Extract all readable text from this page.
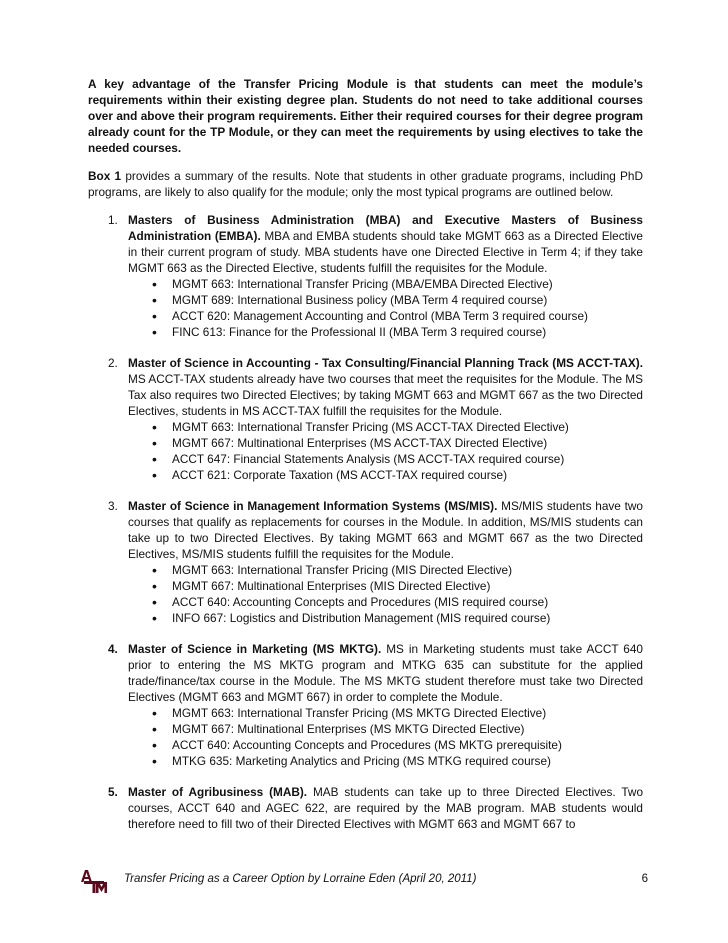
A key advantage of the Transfer Pricing Module is that students can meet the module’s requirements within their existing degree plan. Students do not need to take additional courses over and above their program requirements. Either their required courses for their degree program already count for the TP Module, or they can meet the requirements by using electives to take the needed courses.

Box 1 provides a summary of the results. Note that students in other graduate programs, including PhD programs, are likely to also qualify for the module; only the most typical programs are outlined below.

1. Masters of Business Administration (MBA) and Executive Masters of Business Administration (EMBA). MBA and EMBA students should take MGMT 663 as a Directed Elective in their current program of study. MBA students have one Directed Elective in Term 4; if they take MGMT 663 as the Directed Elective, students fulfill the requisites for the Module.
• MGMT 663: International Transfer Pricing (MBA/EMBA Directed Elective)
• MGMT 689: International Business policy (MBA Term 4 required course)
• ACCT 620: Management Accounting and Control (MBA Term 3 required course)
• FINC 613: Finance for the Professional II (MBA Term 3 required course)
2. Master of Science in Accounting - Tax Consulting/Financial Planning Track (MS ACCT-TAX). MS ACCT-TAX students already have two courses that meet the requisites for the Module. The MS Tax also requires two Directed Electives; by taking MGMT 663 and MGMT 667 as the two Directed Electives, students in MS ACCT-TAX fulfill the requisites for the Module.
• MGMT 663: International Transfer Pricing (MS ACCT-TAX Directed Elective)
• MGMT 667: Multinational Enterprises (MS ACCT-TAX Directed Elective)
• ACCT 647: Financial Statements Analysis (MS ACCT-TAX required course)
• ACCT 621: Corporate Taxation (MS ACCT-TAX required course)
3. Master of Science in Management Information Systems (MS/MIS). MS/MIS students have two courses that qualify as replacements for courses in the Module. In addition, MS/MIS students can take up to two Directed Electives. By taking MGMT 663 and MGMT 667 as the two Directed Electives, MS/MIS students fulfill the requisites for the Module.
• MGMT 663: International Transfer Pricing (MIS Directed Elective)
• MGMT 667: Multinational Enterprises (MIS Directed Elective)
• ACCT 640: Accounting Concepts and Procedures (MIS required course)
• INFO 667: Logistics and Distribution Management (MIS required course)
4. Master of Science in Marketing (MS MKTG). MS in Marketing students must take ACCT 640 prior to entering the MS MKTG program and MTKG 635 can substitute for the applied trade/finance/tax course in the Module. The MS MKTG student therefore must take two Directed Electives (MGMT 663 and MGMT 667) in order to complete the Module.
• MGMT 663: International Transfer Pricing (MS MKTG Directed Elective)
• MGMT 667: Multinational Enterprises (MS MKTG Directed Elective)
• ACCT 640: Accounting Concepts and Procedures (MS MKTG prerequisite)
• MTKG 635: Marketing Analytics and Pricing (MS MTKG required course)
5. Master of Agribusiness (MAB). MAB students can take up to three Directed Electives. Two courses, ACCT 640 and AGEC 622, are required by the MAB program. MAB students would therefore need to fill two of their Directed Electives with MGMT 663 and MGMT 667 to
Transfer Pricing as a Career Option by Lorraine Eden (April 20, 2011)	6
